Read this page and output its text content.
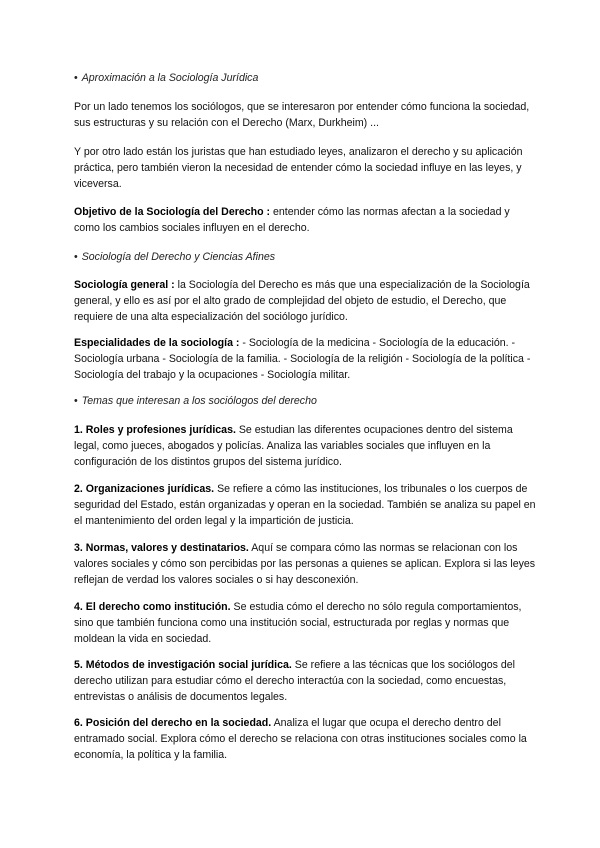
• Aproximación a la Sociología Jurídica

Por un lado tenemos los sociólogos, que se interesaron por entender cómo funciona la sociedad, sus estructuras y su relación con el Derecho (Marx, Durkheim) ...

Y por otro lado están los juristas que han estudiado leyes, analizaron el derecho y su aplicación práctica, pero también vieron la necesidad de entender cómo la sociedad influye en las leyes, y viceversa.

Objetivo de la Sociología del Derecho : entender cómo las normas afectan a la sociedad y como los cambios sociales influyen en el derecho.

• Sociología del Derecho y Ciencias Afines

Sociología general : la Sociología del Derecho es más que una especialización de la Sociología general, y ello es así por el alto grado de complejidad del objeto de estudio, el Derecho, que requiere de una alta especialización del sociólogo jurídico.

Especialidades de la sociología : - Sociología de la medicina - Sociología de la educación. - Sociología urbana - Sociología de la familia. - Sociología de la religión - Sociología de la política - Sociología del trabajo y la ocupaciones - Sociología militar.

• Temas que interesan a los sociólogos del derecho

1. Roles y profesiones jurídicas. Se estudian las diferentes ocupaciones dentro del sistema legal, como jueces, abogados y policías. Analiza las variables sociales que influyen en la configuración de los distintos grupos del sistema jurídico.

2. Organizaciones jurídicas. Se refiere a cómo las instituciones, los tribunales o los cuerpos de seguridad del Estado, están organizadas y operan en la sociedad. También se analiza su papel en el mantenimiento del orden legal y la impartición de justicia.

3. Normas, valores y destinatarios. Aquí se compara cómo las normas se relacionan con los valores sociales y cómo son percibidas por las personas a quienes se aplican. Explora si las leyes reflejan de verdad los valores sociales o si hay desconexión.

4. El derecho como institución. Se estudia cómo el derecho no sólo regula comportamientos, sino que también funciona como una institución social, estructurada por reglas y normas que moldean la vida en sociedad.

5. Métodos de investigación social jurídica. Se refiere a las técnicas que los sociólogos del derecho utilizan para estudiar cómo el derecho interactúa con la sociedad, como encuestas, entrevistas o análisis de documentos legales.

6. Posición del derecho en la sociedad. Analiza el lugar que ocupa el derecho dentro del entramado social. Explora cómo el derecho se relaciona con otras instituciones sociales como la economía, la política y la familia.
